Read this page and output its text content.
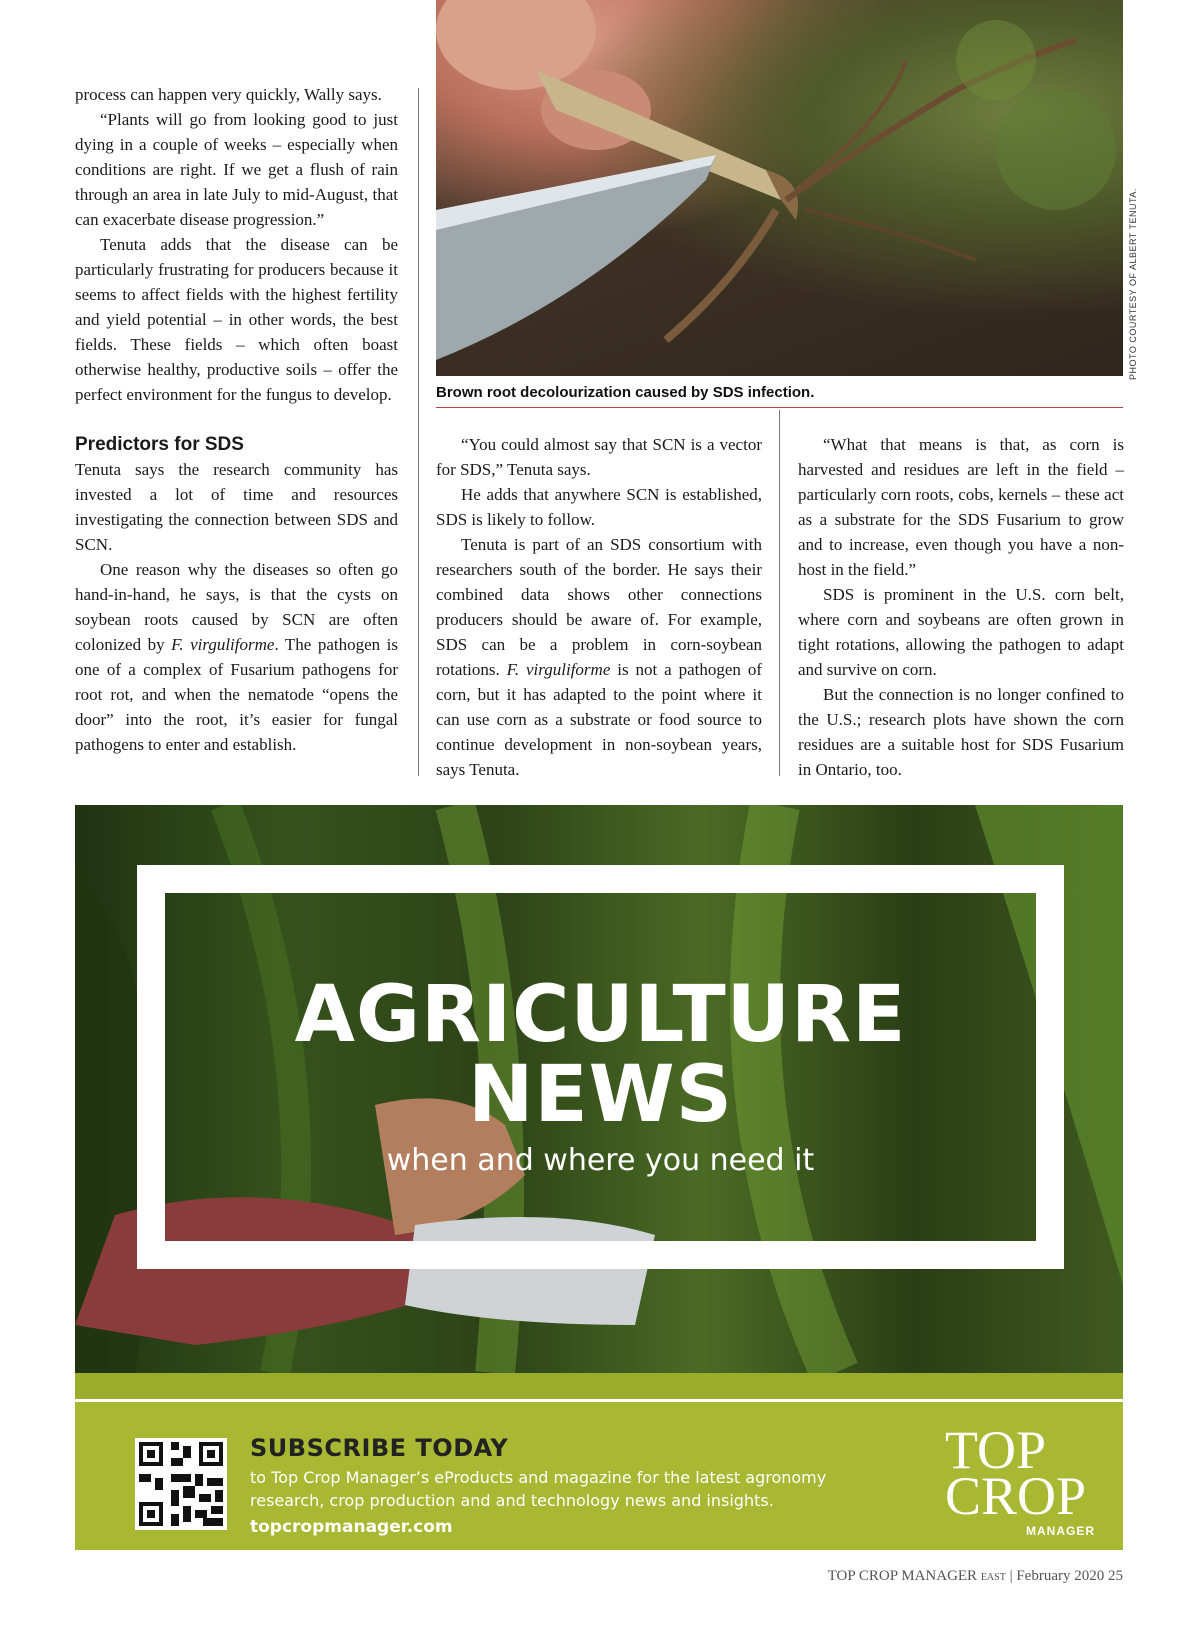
process can happen very quickly, Wally says.

“Plants will go from looking good to just dying in a couple of weeks – especially when conditions are right. If we get a flush of rain through an area in late July to mid-August, that can exacerbate disease progression.”

Tenuta adds that the disease can be particularly frustrating for producers because it seems to affect fields with the highest fertility and yield potential – in other words, the best fields. These fields – which often boast otherwise healthy, productive soils – offer the perfect environment for the fungus to develop.

Predictors for SDS

Tenuta says the research community has invested a lot of time and resources investigating the connection between SDS and SCN.

One reason why the diseases so often go hand-in-hand, he says, is that the cysts on soybean roots caused by SCN are often colonized by F. virguliforme. The pathogen is one of a complex of Fusarium pathogens for root rot, and when the nematode “opens the door” into the root, it’s easier for fungal pathogens to enter and establish.

PHOTO COURTESY OF ALBERT TENUTA.
Brown root decolourization caused by SDS infection.

“You could almost say that SCN is a vector for SDS,” Tenuta says.

He adds that anywhere SCN is established, SDS is likely to follow.

Tenuta is part of an SDS consortium with researchers south of the border. He says their combined data shows other connections producers should be aware of. For example, SDS can be a problem in corn-soybean rotations. F. virguliforme is not a pathogen of corn, but it has adapted to the point where it can use corn as a substrate or food source to continue development in non-soybean years, says Tenuta.

“What that means is that, as corn is harvested and residues are left in the field – particularly corn roots, cobs, kernels – these act as a substrate for the SDS Fusarium to grow and to increase, even though you have a non-host in the field.”

SDS is prominent in the U.S. corn belt, where corn and soybeans are often grown in tight rotations, allowing the pathogen to adapt and survive on corn.

But the connection is no longer confined to the U.S.; research plots have shown the corn residues are a suitable host for SDS Fusarium in Ontario, too.

AGRICULTURE
NEWS
when and where you need it
SUBSCRIBE TODAY
to Top Crop Manager’s eProducts and magazine for the latest agronomy research, crop production and and technology news and insights.
topcropmanager.com
TOP
CROP
MANAGER
TOP CROP MANAGER EAST | February 2020 25
